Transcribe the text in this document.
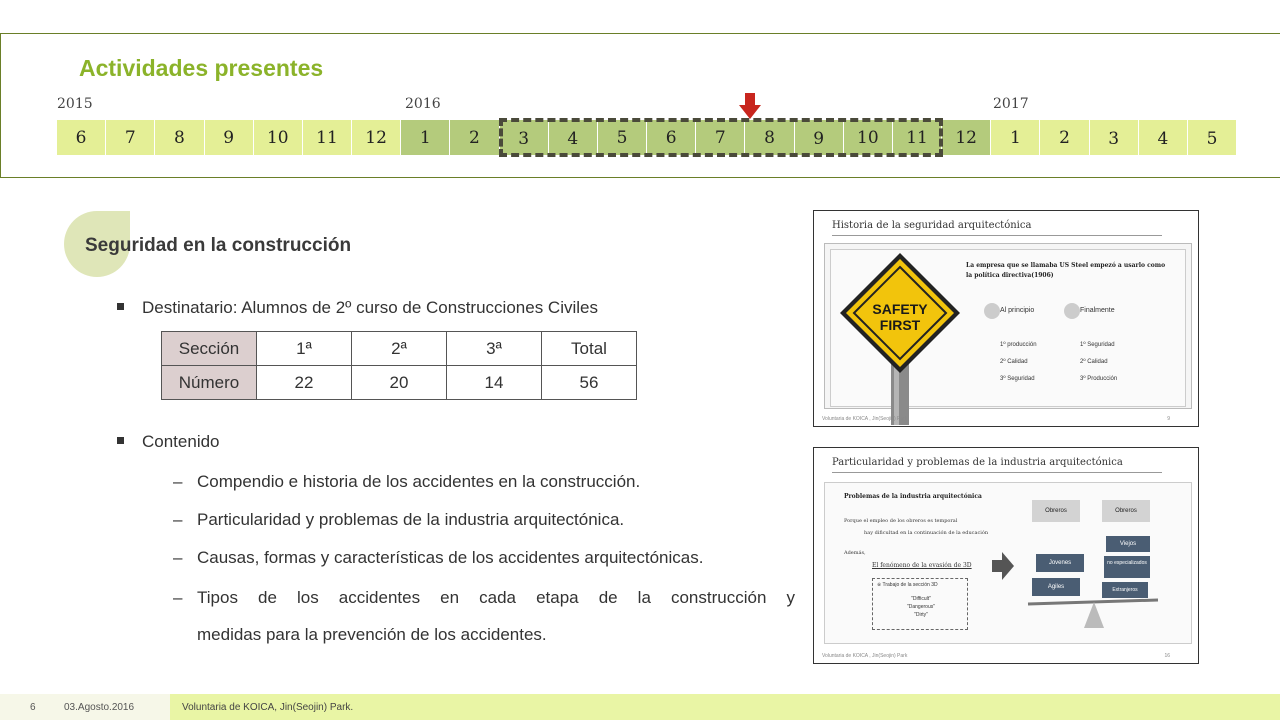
Actividades presentes
2015	2016	2017
6	7	8	9	10	11	12	1	2	3	4	5	6	7	8	9	10	11	12	1	2	3	4	5
Seguridad en la construcción
Destinatario: Alumnos de 2º curso de Construcciones Civiles
Sección	1ª	2ª	3ª	Total
Número	22	20	14	56
Contenido
– Compendio e historia de los accidentes en la construcción.
– Particularidad y problemas de la industria arquitectónica.
– Causas, formas y características de los accidentes arquitectónicas.
– Tipos de los accidentes en cada etapa de la construcción y
medidas para la prevención de los accidentes.
Historia de la seguridad arquitectónica
SAFETY
FIRST
La empresa que se llamaba US Steel empezó a usarlo como la política directiva(1906)
Al principio	Finalmente
1º producción
2º Calidad
3º Seguridad
1º Seguridad
2º Calidad
3º Producción
Voluntaria de KOICA , Jin(Seojin) Park	9
Particularidad y problemas de la industria arquitectónica
Problemas de la industria arquitectónica
Porque el empleo de los obreros es temporal
hay dificultad en la continuación de la educación
Además,
El fenómeno de la evasión de 3D
※ Trabajo de la sección 3D
"Difficult"
"Dangerous"
"Dirty"
Obreros	Obreros
Jovenes
Agiles
Viejos
no especializados
Extranjeros
Voluntaria de KOICA , Jin(Seojin) Park	16
6	03.Agosto.2016	Voluntaria de KOICA, Jin(Seojin) Park.
